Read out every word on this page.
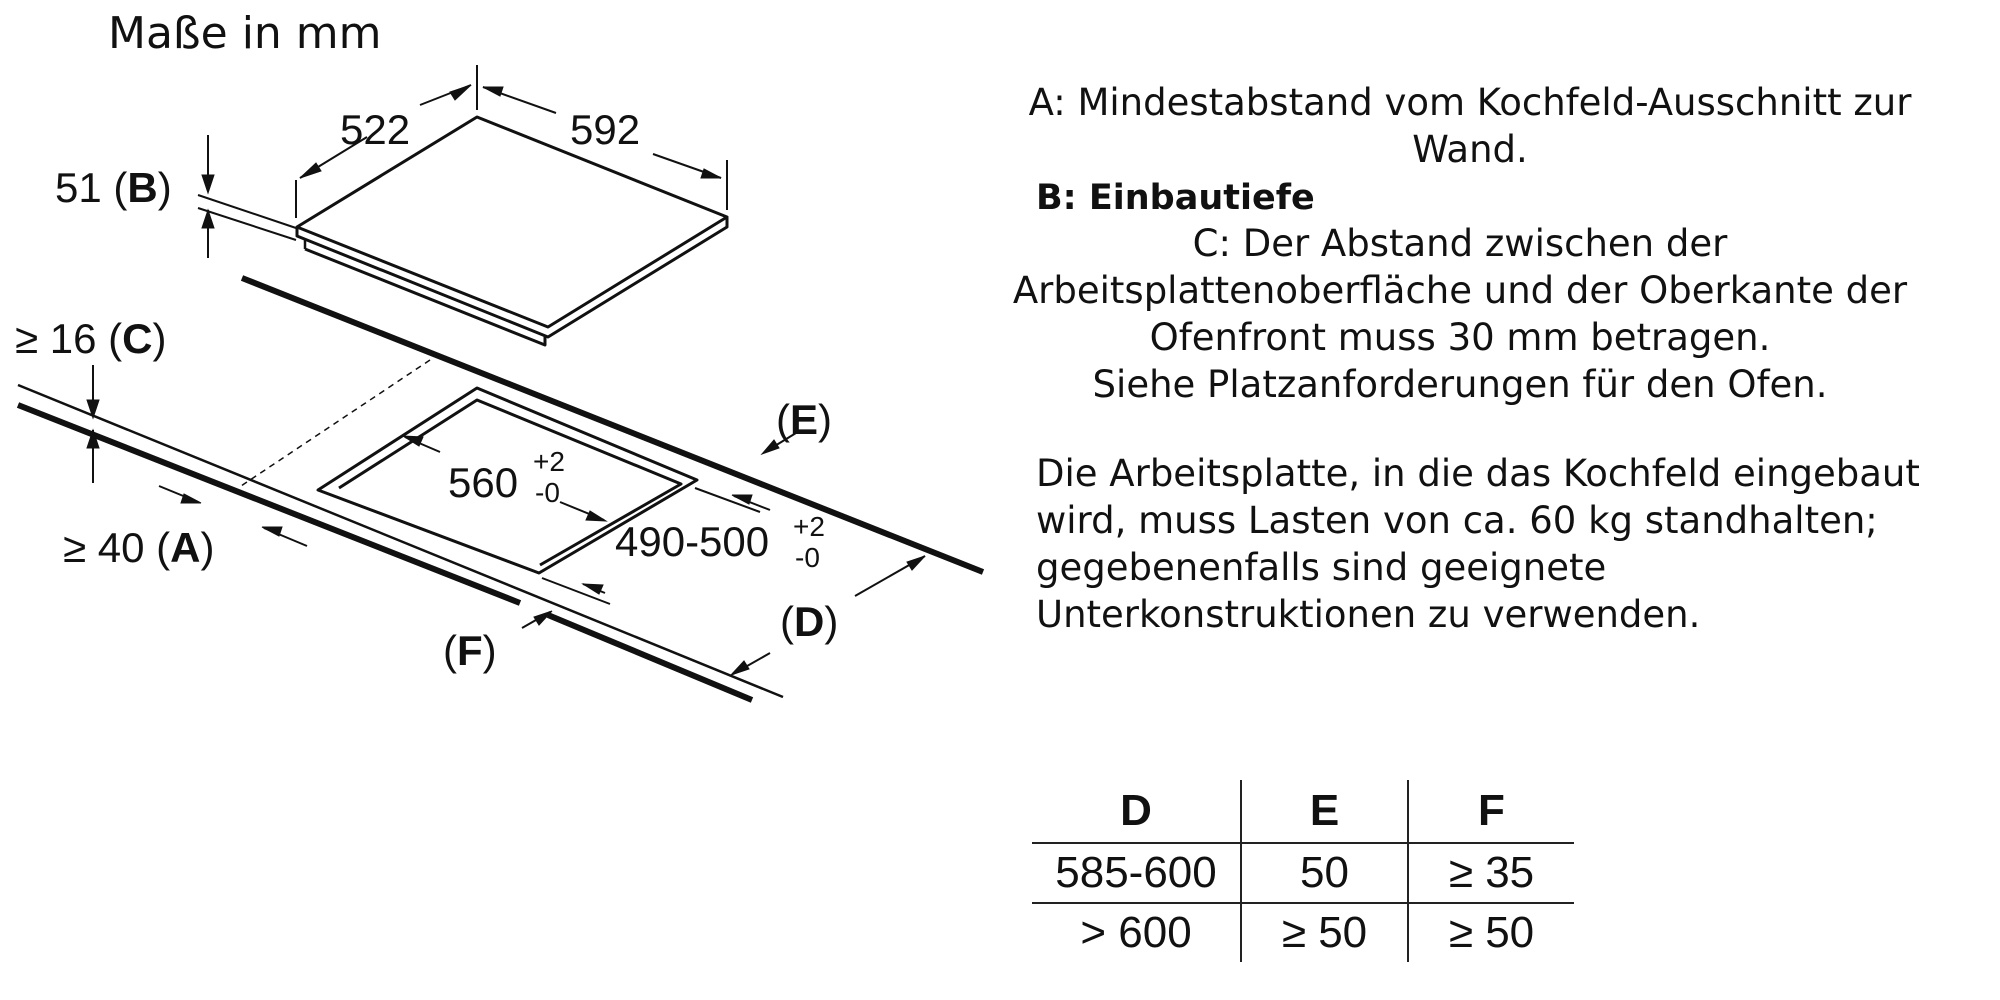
Maße in mm
522	592
51 (B)
560 +2
-0
490-500 +2
-0
≥ 16 (C)
≥ 40 (A)
(E)
(D)
(F)

A: Mindestabstand vom Kochfeld-Ausschnitt zur Wand.

B: Einbautiefe

C: Der Abstand zwischen der
Arbeitsplattenoberfläche und der Oberkante der
Ofenfront muss 30 mm betragen.
Siehe Platzanforderungen für den Ofen.
Die Arbeitsplatte, in die das Kochfeld eingebaut
wird, muss Lasten von ca. 60 kg standhalten;
gegebenenfalls sind geeignete
Unterkonstruktionen zu verwenden.
D	E	F
585-600	50	≥ 35
> 600	≥ 50	≥ 50
